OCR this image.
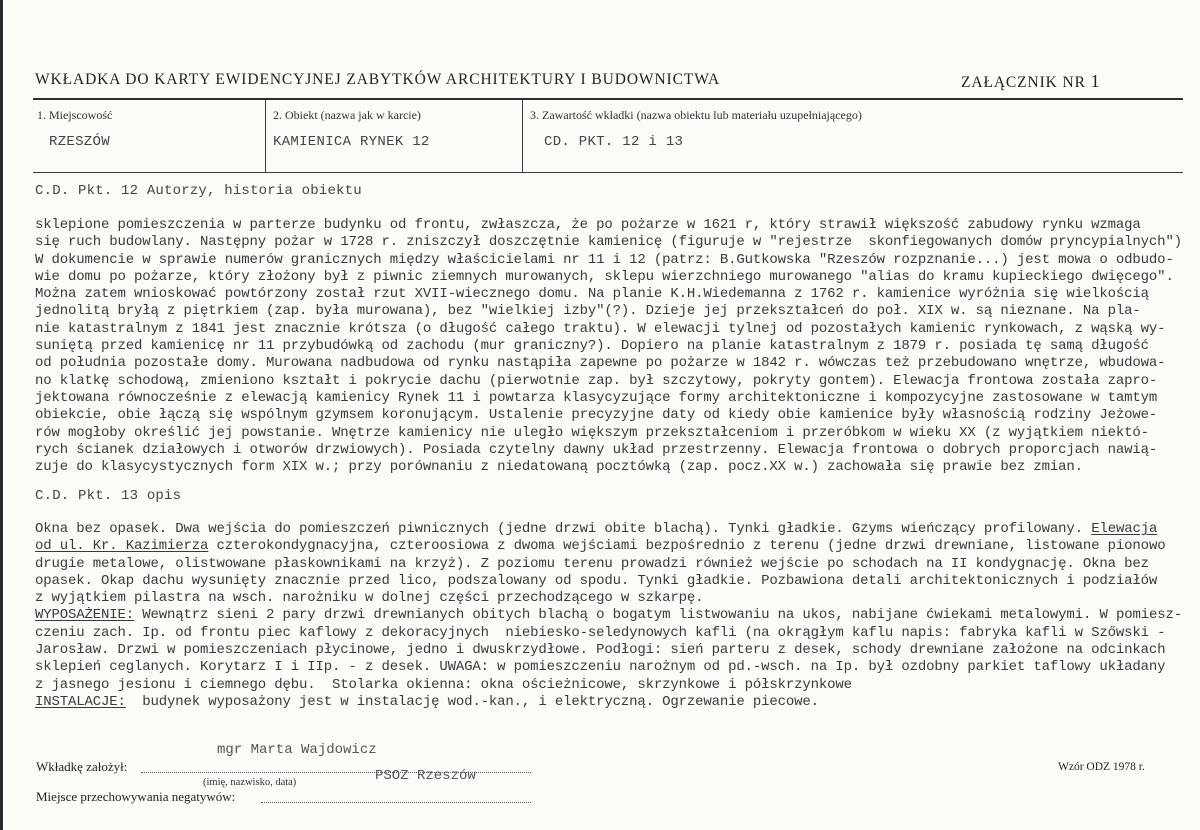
WKŁADKA DO KARTY EWIDENCYJNEJ ZABYTKÓW ARCHITEKTURY I BUDOWNICTWA	ZAŁĄCZNIK NR 1
1. Miejscowość
RZESZÓW
2. Obiekt (nazwa jak w karcie)
KAMIENICA RYNEK 12
3. Zawartość wkładki (nazwa obiektu lub materiału uzupełniającego)
CD. PKT. 12 i 13
C.D. Pkt. 12 Autorzy, historia obiektu
sklepione pomieszczenia w parterze budynku od frontu, zwłaszcza, że po pożarze w 1621 r, który strawił większość zabudowy rynku wzmaga
się ruch budowlany. Następny pożar w 1728 r. zniszczył doszczętnie kamienicę (figuruje w "rejestrze  skonfiegowanych domów pryncypialnych")
W dokumencie w sprawie numerów granicznych między właścicielami nr 11 i 12 (patrz: B.Gutkowska "Rzeszów rozpznanie...) jest mowa o odbudo-
wie domu po pożarze, który złożony był z piwnic ziemnych murowanych, sklepu wierzchniego murowanego "alias do kramu kupieckiego dwięcego".
Można zatem wnioskować powtórzony został rzut XVII-wiecznego domu. Na planie K.H.Wiedemanna z 1762 r. kamienice wyróżnia się wielkością
jednolitą bryłą z piętrkiem (zap. była murowana), bez "wielkiej izby"(?). Dzieje jej przekształceń do poł. XIX w. są nieznane. Na pla-
nie katastralnym z 1841 jest znacznie krótsza (o długość całego traktu). W elewacji tylnej od pozostałych kamienic rynkowach, z wąską wy-
suniętą przed kamienicę nr 11 przybudówką od zachodu (mur graniczny?). Dopiero na planie katastralnym z 1879 r. posiada tę samą długość
od południa pozostałe domy. Murowana nadbudowa od rynku nastąpiła zapewne po pożarze w 1842 r. wówczas też przebudowano wnętrze, wbudowa-
no klatkę schodową, zmieniono kształt i pokrycie dachu (pierwotnie zap. był szczytowy, pokryty gontem). Elewacja frontowa została zapro-
jektowana równocześnie z elewacją kamienicy Rynek 11 i powtarza klasycyzujące formy architektoniczne i kompozycyjne zastosowane w tamtym
obiekcie, obie łączą się wspólnym gzymsem koronującym. Ustalenie precyzyjne daty od kiedy obie kamienice były własnością rodziny Jeżowe-
rów mogłoby określić jej powstanie. Wnętrze kamienicy nie uległo większym przekształceniom i przeróbkom w wieku XX (z wyjątkiem niektó-
rych ścianek działowych i otworów drzwiowych). Posiada czytelny dawny układ przestrzenny. Elewacja frontowa o dobrych proporcjach nawią-
zuje do klasycystycznych form XIX w.; przy porównaniu z niedatowaną pocztówką (zap. pocz.XX w.) zachowała się prawie bez zmian.
C.D. Pkt. 13 opis
Okna bez opasek. Dwa wejścia do pomieszczeń piwnicznych (jedne drzwi obite blachą). Tynki gładkie. Gzyms wieńczący profilowany. Elewacja
od ul. Kr. Kazimierza czterokondygnacyjna, czteroosiowa z dwoma wejściami bezpośrednio z terenu (jedne drzwi drewniane, listowane pionowo
drugie metalowe, olistwowane płaskownikami na krzyż). Z poziomu terenu prowadzi również wejście po schodach na II kondygnację. Okna bez
opasek. Okap dachu wysunięty znacznie przed lico, podszalowany od spodu. Tynki gładkie. Pozbawiona detali architektonicznych i podziałów
z wyjątkiem pilastra na wsch. narożniku w dolnej części przechodzącego w szkarpę.
WYPOSAŻENIE: Wewnątrz sieni 2 pary drzwi drewnianych obitych blachą o bogatym listwowaniu na ukos, nabijane ćwiekami metalowymi. W pomiesz-
czeniu zach. Ip. od frontu piec kaflowy z dekoracyjnych  niebiesko-seledynowych kafli (na okrągłym kaflu napis: fabryka kafli w Szőwski -
Jarosław. Drzwi w pomieszczeniach płycinowe, jedno i dwuskrzydłowe. Podłogi: sień parteru z desek, schody drewniane założone na odcinkach
sklepień ceglanych. Korytarz I i IIp. - z desek. UWAGA: w pomieszczeniu narożnym od pd.-wsch. na Ip. był ozdobny parkiet taflowy układany
z jasnego jesionu i ciemnego dębu.  Stolarka okienna: okna ościeżnicowe, skrzynkowe i półskrzynkowe
INSTALACJE:  budynek wyposażony jest w instalację wod.-kan., i elektryczną. Ogrzewanie piecowe.
mgr Marta Wajdowicz
Wkładkę założył:
(imię, nazwisko, data)	PSOZ Rzeszów
Miejsce przechowywania negatywów:
Wzór ODZ 1978 r.
